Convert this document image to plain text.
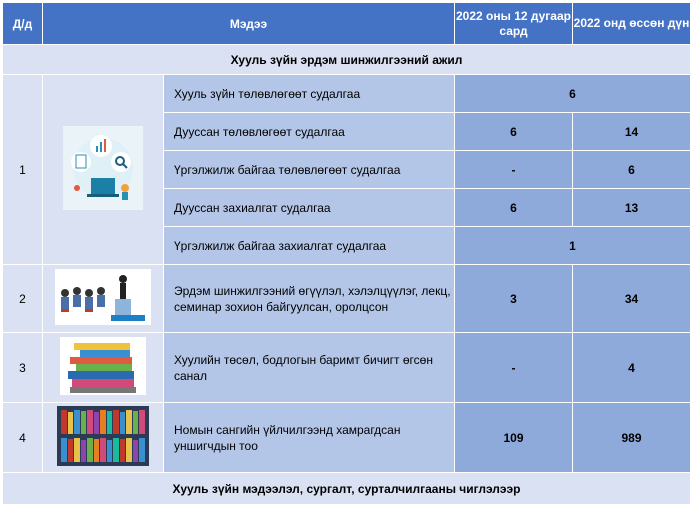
Д/д	Мэдээ		2022 оны 12 дугаар сард	2022 онд өссөн дүн
Хууль зүйн эрдэм шинжилгээний ажил				
1		Хууль зүйн төлөвлөгөөт судалгаа	6	
		Дууссан төлөвлөгөөт судалгаа	6	14
		Үргэлжилж байгаа төлөвлөгөөт судалгаа	-	6
		Дууссан захиалгат судалгаа	6	13
		Үргэлжилж байгаа захиалгат судалгаа	1	
2		Эрдэм шинжилгээний өгүүлэл, хэлэлцүүлэг, лекц, семинар зохион байгуулсан, оролцсон	3	34
3		Хуулийн төсөл, бодлогын баримт бичигт өгсөн санал	-	4
4		Номын сангийн үйлчилгээнд хамрагдсан уншигчдын тоо	109	989
Хууль зүйн мэдээлэл, сургалт, сурталчилгааны чиглэлээр				
